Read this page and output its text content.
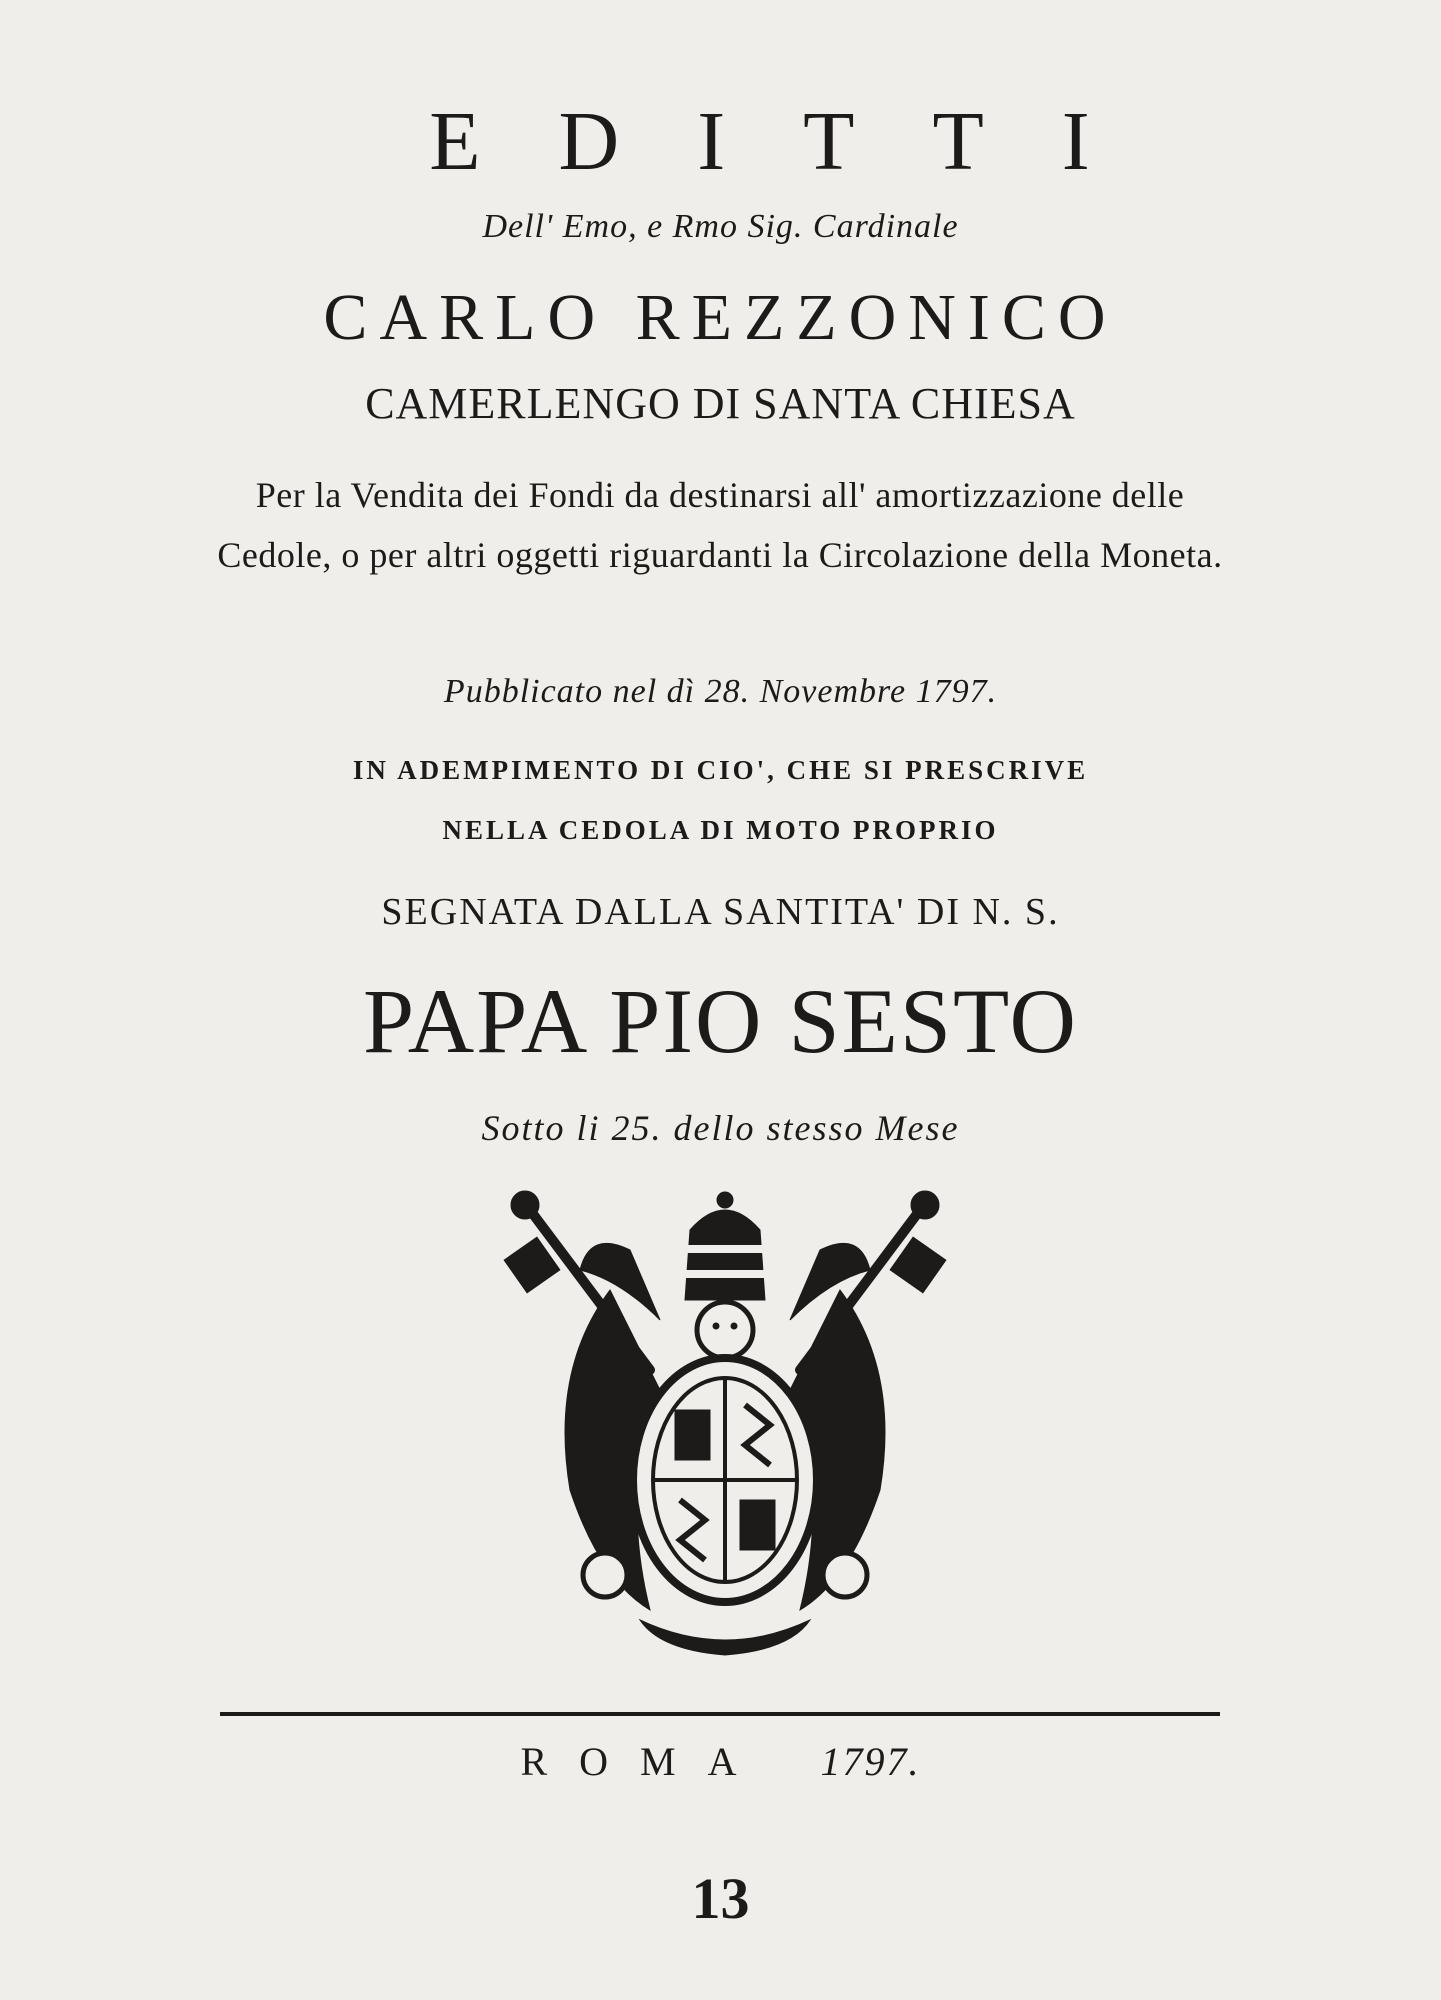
EDITTI
Dell' Emo, e Rmo Sig. Cardinale
CARLO REZZONICO
CAMERLENGO DI SANTA CHIESA
Per la Vendita dei Fondi da destinarsi all' amortizzazione delle Cedole, o per altri oggetti riguardanti la Circolazione della Moneta.
Pubblicato nel dì 28. Novembre 1797.
IN ADEMPIMENTO DI CIO', CHE SI PRESCRIVE
NELLA CEDOLA DI MOTO PROPRIO
SEGNATA DALLA SANTITA' DI N. S.
PAPA PIO SESTO
Sotto li 25. dello stesso Mese
ROMA 1797.
13
